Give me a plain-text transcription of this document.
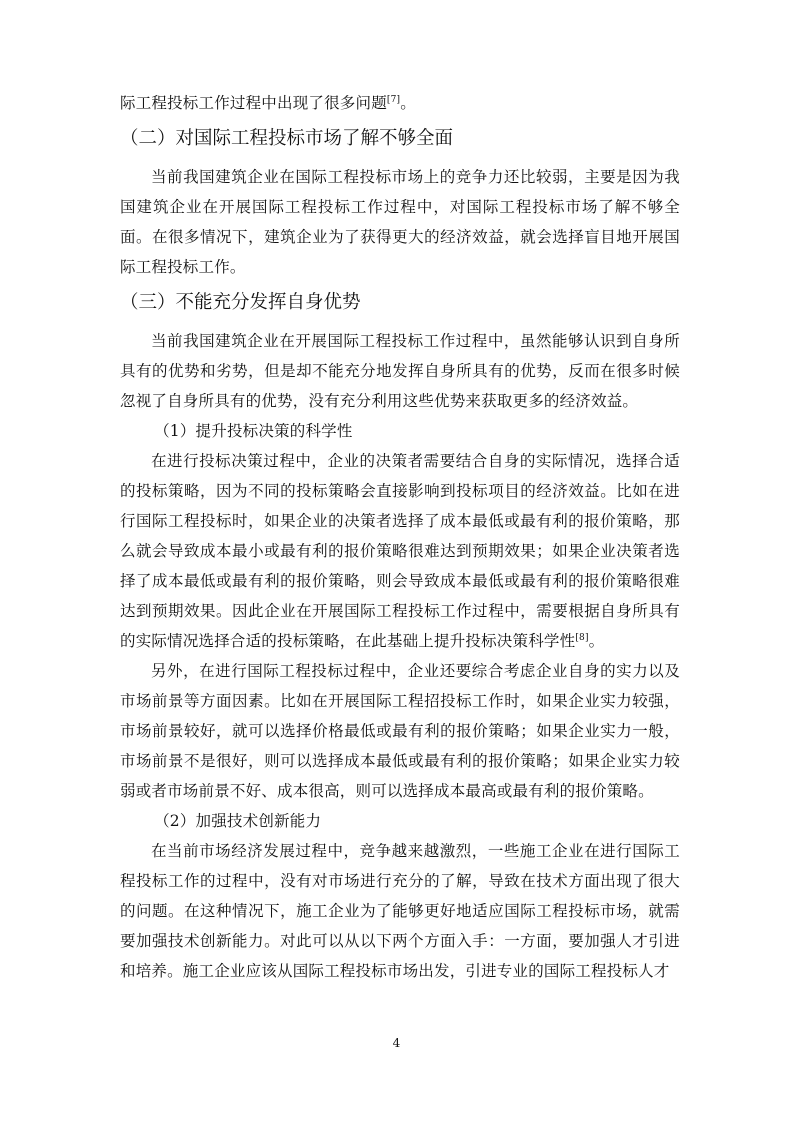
际工程投标工作过程中出现了很多问题[7]。

（二）对国际工程投标市场了解不够全面

当前我国建筑企业在国际工程投标市场上的竞争力还比较弱，主要是因为我国建筑企业在开展国际工程投标工作过程中，对国际工程投标市场了解不够全面。在很多情况下，建筑企业为了获得更大的经济效益，就会选择盲目地开展国际工程投标工作。

（三）不能充分发挥自身优势

当前我国建筑企业在开展国际工程投标工作过程中，虽然能够认识到自身所具有的优势和劣势，但是却不能充分地发挥自身所具有的优势，反而在很多时候忽视了自身所具有的优势，没有充分利用这些优势来获取更多的经济效益。

（1）提升投标决策的科学性

在进行投标决策过程中，企业的决策者需要结合自身的实际情况，选择合适的投标策略，因为不同的投标策略会直接影响到投标项目的经济效益。比如在进行国际工程投标时，如果企业的决策者选择了成本最低或最有利的报价策略，那么就会导致成本最小或最有利的报价策略很难达到预期效果；如果企业决策者选择了成本最低或最有利的报价策略，则会导致成本最低或最有利的报价策略很难达到预期效果。因此企业在开展国际工程投标工作过程中，需要根据自身所具有的实际情况选择合适的投标策略，在此基础上提升投标决策科学性[8]。

另外，在进行国际工程投标过程中，企业还要综合考虑企业自身的实力以及市场前景等方面因素。比如在开展国际工程招投标工作时，如果企业实力较强，市场前景较好，就可以选择价格最低或最有利的报价策略；如果企业实力一般，市场前景不是很好，则可以选择成本最低或最有利的报价策略；如果企业实力较弱或者市场前景不好、成本很高，则可以选择成本最高或最有利的报价策略。

（2）加强技术创新能力

在当前市场经济发展过程中，竞争越来越激烈，一些施工企业在进行国际工程投标工作的过程中，没有对市场进行充分的了解，导致在技术方面出现了很大的问题。在这种情况下，施工企业为了能够更好地适应国际工程投标市场，就需要加强技术创新能力。对此可以从以下两个方面入手：一方面，要加强人才引进和培养。施工企业应该从国际工程投标市场出发，引进专业的国际工程投标人才

4
